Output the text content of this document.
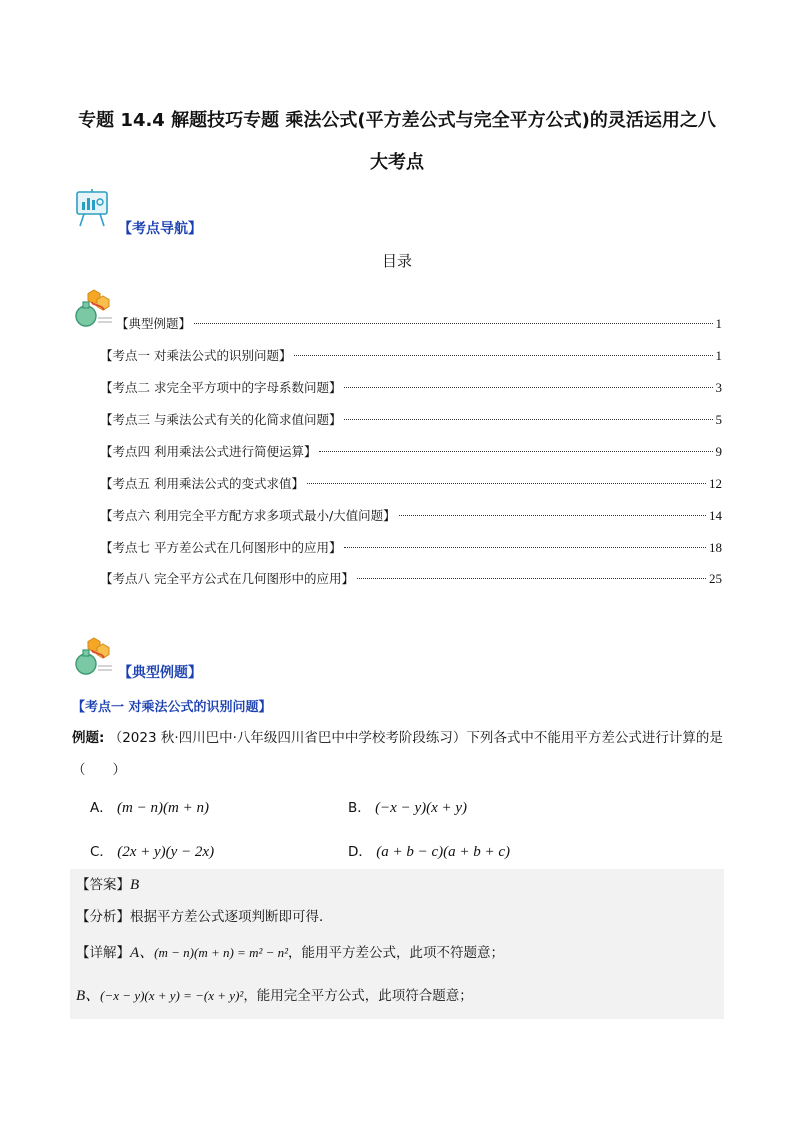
专题 14.4 解题技巧专题 乘法公式(平方差公式与完全平方公式)的灵活运用之八
大考点
【考点导航】
目录
【典型例题】	1
【考点一 对乘法公式的识别问题】	1
【考点二 求完全平方项中的字母系数问题】	3
【考点三 与乘法公式有关的化简求值问题】	5
【考点四 利用乘法公式进行简便运算】	9
【考点五 利用乘法公式的变式求值】	12
【考点六 利用完全平方配方求多项式最小/大值问题】	14
【考点七 平方差公式在几何图形中的应用】	18
【考点八 完全平方公式在几何图形中的应用】	25
【典型例题】
【考点一 对乘法公式的识别问题】
例题: （2023 秋·四川巴中·八年级四川省巴中中学校考阶段练习）下列各式中不能用平方差公式进行计算的是（　　）
A． (m − n)(m + n)	B． (−x − y)(x + y)
C． (2x + y)(y − 2x)	D． (a + b − c)(a + b + c)
【答案】B
【分析】根据平方差公式逐项判断即可得．
【详解】A、(m − n)(m + n) = m² − n²，能用平方差公式，此项不符题意；
B、(−x − y)(x + y) = −(x + y)²，能用完全平方公式，此项符合题意；
